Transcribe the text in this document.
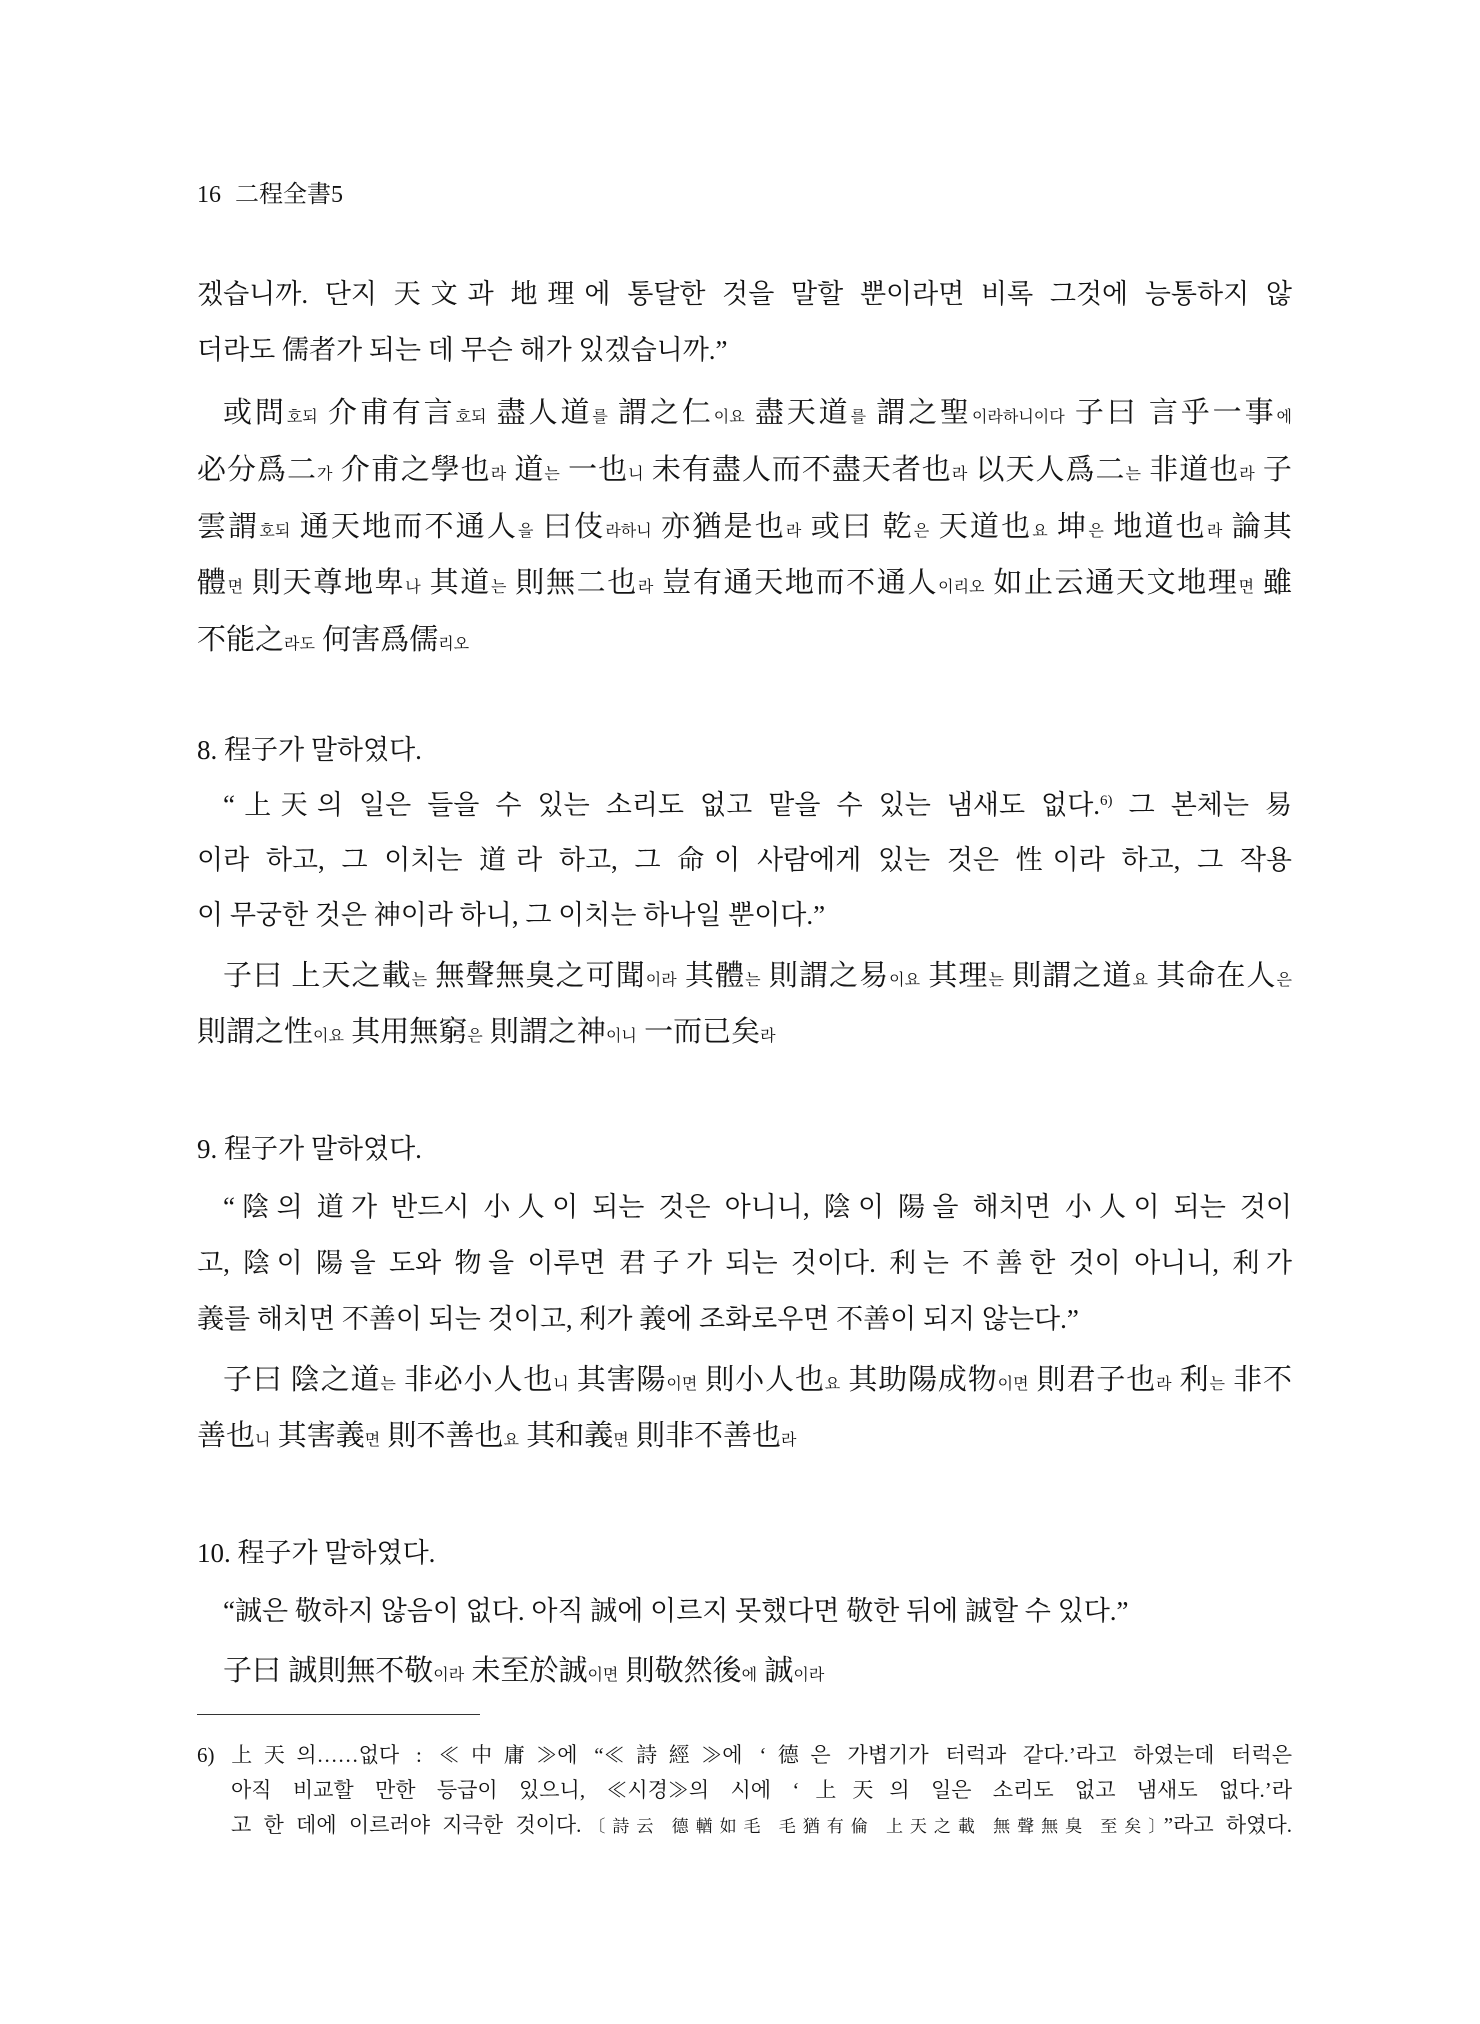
16 二程全書5
겠습니까. 단지 天文과 地理에 통달한 것을 말할 뿐이라면 비록 그것에 능통하지 않
더라도 儒者가 되는 데 무슨 해가 있겠습니까.”
或問호되 介甫有言호되 盡人道를 謂之仁이요 盡天道를 謂之聖이라하니이다 子曰 言乎一事에
必分爲二가 介甫之學也라 道는 一也니 未有盡人而不盡天者也라 以天人爲二는 非道也라 子
雲謂호되 通天地而不通人을 曰伎라하니 亦猶是也라 或曰 乾은 天道也요 坤은 地道也라 論其
體면 則天尊地卑나 其道는 則無二也라 豈有通天地而不通人이리오 如止云通天文地理면 雖
不能之라도 何害爲儒리오
8. 程子가 말하였다.
“上天의 일은 들을 수 있는 소리도 없고 맡을 수 있는 냄새도 없다.$^{6)}$ 그 본체는 易
이라 하고, 그 이치는 道라 하고, 그 命이 사람에게 있는 것은 性이라 하고, 그 작용
이 무궁한 것은 神이라 하니, 그 이치는 하나일 뿐이다.”
子曰 上天之載는 無聲無臭之可聞이라 其體는 則謂之易이요 其理는 則謂之道요 其命在人은
則謂之性이요 其用無窮은 則謂之神이니 一而已矣라
9. 程子가 말하였다.
“陰의 道가 반드시 小人이 되는 것은 아니니, 陰이 陽을 해치면 小人이 되는 것이
고, 陰이 陽을 도와 物을 이루면 君子가 되는 것이다. 利는 不善한 것이 아니니, 利가
義를 해치면 不善이 되는 것이고, 利가 義에 조화로우면 不善이 되지 않는다.”
子曰 陰之道는 非必小人也니 其害陽이면 則小人也요 其助陽成物이면 則君子也라 利는 非不
善也니 其害義면 則不善也요 其和義면 則非不善也라
10. 程子가 말하였다.
“誠은 敬하지 않음이 없다. 아직 誠에 이르지 못했다면 敬한 뒤에 誠할 수 있다.”
子曰 誠則無不敬이라 未至於誠이면 則敬然後에 誠이라
6) 上天의……없다 : ≪中庸≫에 “≪詩經≫에 ‘德은 가볍기가 터럭과 같다.’라고 하였는데 터럭은
아직 비교할 만한 등급이 있으니, ≪시경≫의 시에 ‘上天의 일은 소리도 없고 냄새도 없다.’라
고 한 데에 이르러야 지극한 것이다.〔詩云 德輶如毛 毛猶有倫 上天之載 無聲無臭 至矣〕”라고 하였다.
